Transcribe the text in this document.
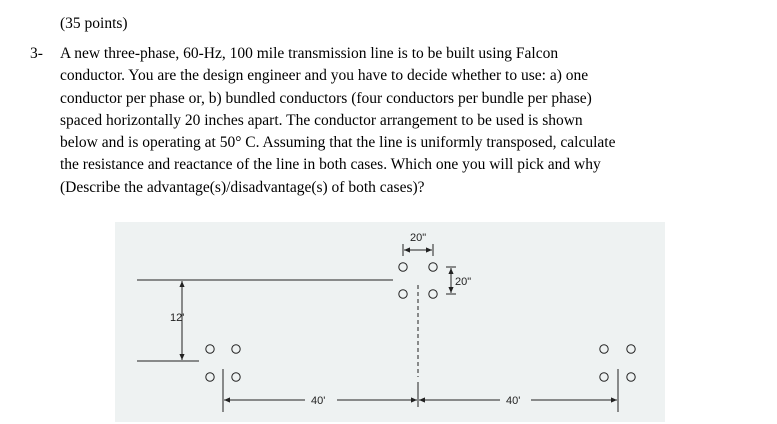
(35 points)
3- A new three-phase, 60-Hz, 100 mile transmission line is to be built using Falcon
conductor. You are the design engineer and you have to decide whether to use: a) one
conductor per phase or, b) bundled conductors (four conductors per bundle per phase)
spaced horizontally 20 inches apart. The conductor arrangement to be used is shown
below and is operating at 50° C. Assuming that the line is uniformly transposed, calculate
the resistance and reactance of the line in both cases. Which one you will pick and why
(Describe the advantage(s)/disadvantage(s) of both cases)?
20"
20"
12'
40'	40'
